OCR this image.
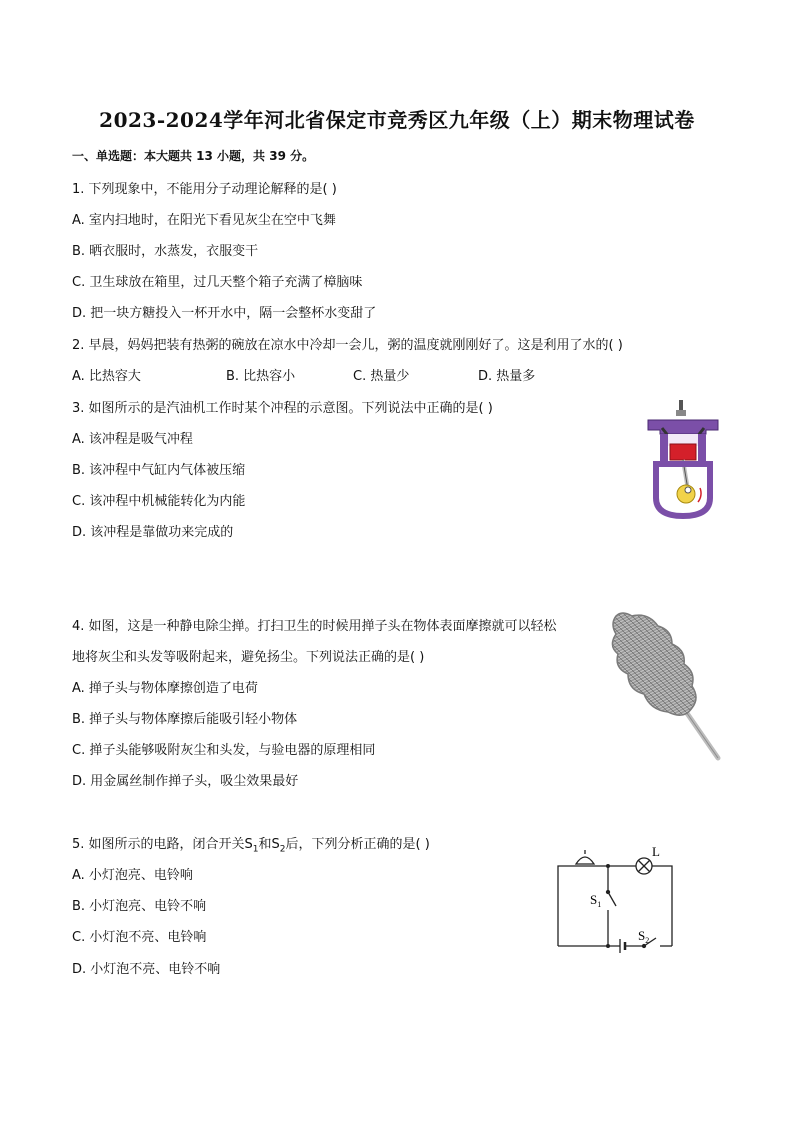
2023-2024学年河北省保定市竞秀区九年级（上）期末物理试卷
一、单选题：本大题共 13 小题，共 39 分。
1. 下列现象中，不能用分子动理论解释的是( )
A. 室内扫地时，在阳光下看见灰尘在空中飞舞
B. 晒衣服时，水蒸发，衣服变干
C. 卫生球放在箱里，过几天整个箱子充满了樟脑味
D. 把一块方糖投入一杯开水中，隔一会整杯水变甜了
2. 早晨，妈妈把装有热粥的碗放在凉水中冷却一会儿，粥的温度就刚刚好了。这是利用了水的( )
A. 比热容大	B. 比热容小	C. 热量少	D. 热量多
3. 如图所示的是汽油机工作时某个冲程的示意图。下列说法中正确的是( )
A. 该冲程是吸气冲程
B. 该冲程中气缸内气体被压缩
C. 该冲程中机械能转化为内能
D. 该冲程是靠做功来完成的
4. 如图，这是一种静电除尘掸。打扫卫生的时候用掸子头在物体表面摩擦就可以轻松
地将灰尘和头发等吸附起来，避免扬尘。下列说法正确的是( )
A. 掸子头与物体摩擦创造了电荷
B. 掸子头与物体摩擦后能吸引轻小物体
C. 掸子头能够吸附灰尘和头发，与验电器的原理相同
D. 用金属丝制作掸子头，吸尘效果最好
5. 如图所示的电路，闭合开关$S_1$和$S_2$后，下列分析正确的是( )
A. 小灯泡亮、电铃响
B. 小灯泡亮、电铃不响
C. 小灯泡不亮、电铃响
D. 小灯泡不亮、电铃不响
L
$S_1$
$S_2$
